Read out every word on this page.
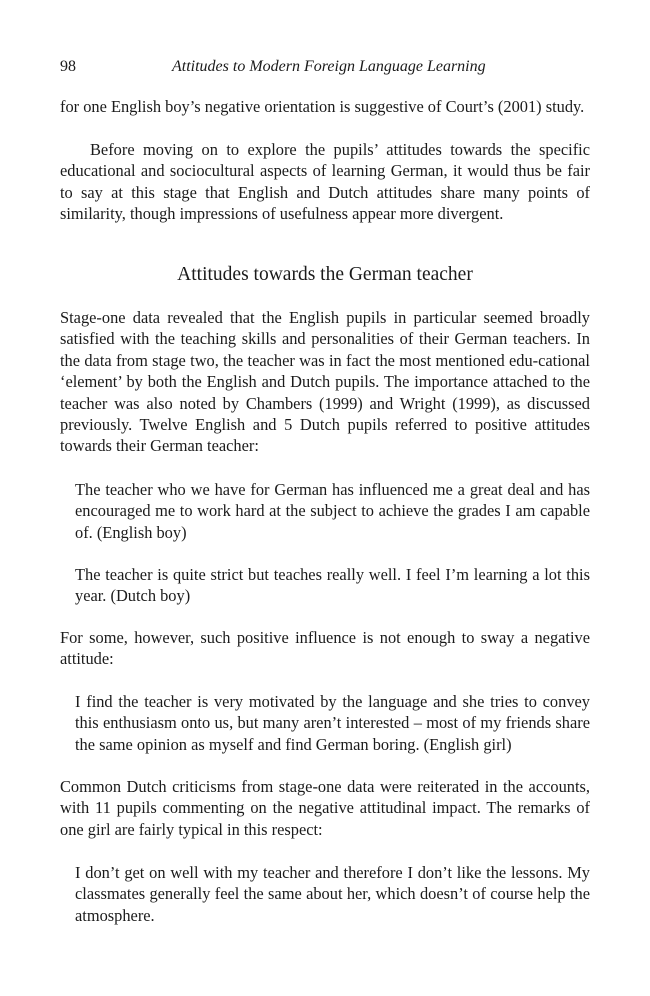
98	Attitudes to Modern Foreign Language Learning

for one English boy’s negative orientation is suggestive of Court’s (2001) study.

Before moving on to explore the pupils’ attitudes towards the specific educational and sociocultural aspects of learning German, it would thus be fair to say at this stage that English and Dutch attitudes share many points of similarity, though impressions of usefulness appear more divergent.

Attitudes towards the German teacher

Stage-one data revealed that the English pupils in particular seemed broadly satisfied with the teaching skills and personalities of their German teachers. In the data from stage two, the teacher was in fact the most mentioned edu-cational ‘element’ by both the English and Dutch pupils. The importance attached to the teacher was also noted by Chambers (1999) and Wright (1999), as discussed previously. Twelve English and 5 Dutch pupils referred to positive attitudes towards their German teacher:

The teacher who we have for German has influenced me a great deal and has encouraged me to work hard at the subject to achieve the grades I am capable of. (English boy)

The teacher is quite strict but teaches really well. I feel I’m learning a lot this year. (Dutch boy)

For some, however, such positive influence is not enough to sway a negative attitude:

I find the teacher is very motivated by the language and she tries to convey this enthusiasm onto us, but many aren’t interested – most of my friends share the same opinion as myself and find German boring. (English girl)

Common Dutch criticisms from stage-one data were reiterated in the accounts, with 11 pupils commenting on the negative attitudinal impact. The remarks of one girl are fairly typical in this respect:

I don’t get on well with my teacher and therefore I don’t like the lessons. My classmates generally feel the same about her, which doesn’t of course help the atmosphere.
